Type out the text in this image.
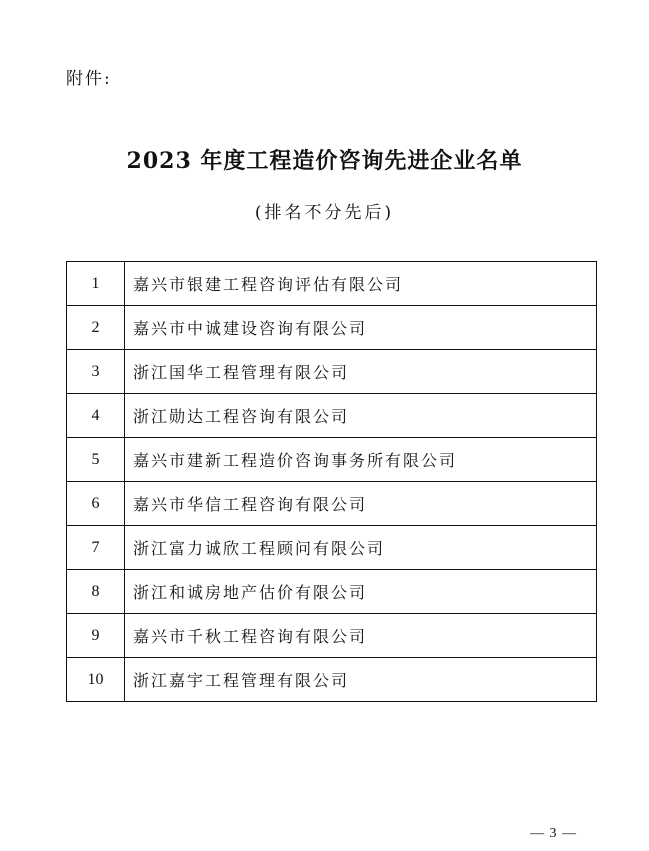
附件:
2023 年度工程造价咨询先进企业名单
(排名不分先后)
1	嘉兴市银建工程咨询评估有限公司
2	嘉兴市中诚建设咨询有限公司
3	浙江国华工程管理有限公司
4	浙江勋达工程咨询有限公司
5	嘉兴市建新工程造价咨询事务所有限公司
6	嘉兴市华信工程咨询有限公司
7	浙江富力诚欣工程顾问有限公司
8	浙江和诚房地产估价有限公司
9	嘉兴市千秋工程咨询有限公司
10	浙江嘉宇工程管理有限公司
— 3 —
